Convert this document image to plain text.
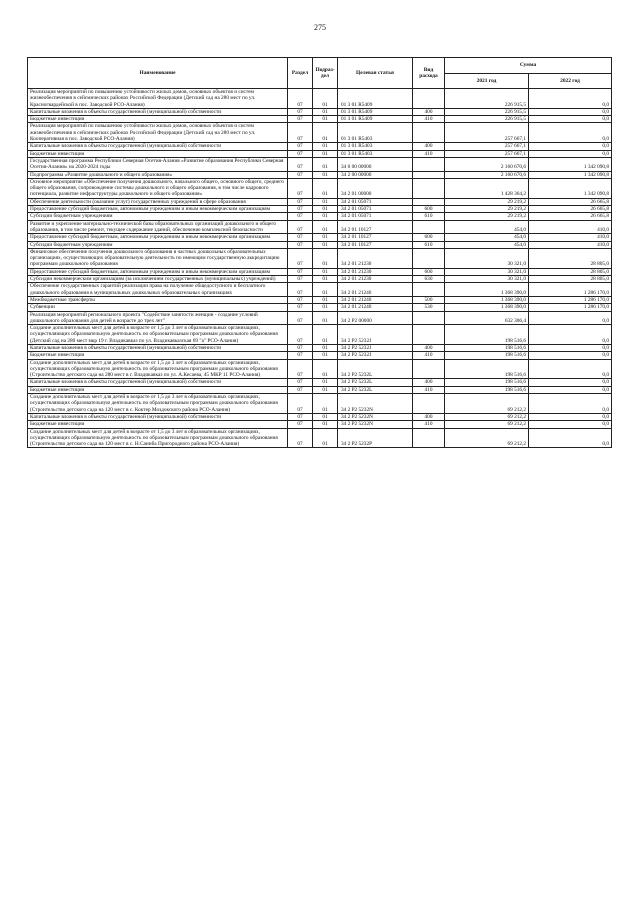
275
Наименование	Раздел	Подраз-
дел	Целевая статья	Вид
расхода	Сумма	
					2021 год	2022 год
Реализация мероприятий по повышению устойчивости жилых домов, основных объектов и систем жизнеобеспечения в сейсмических районах Российской Федерации (Детский сад на 280 мест по ул. Красногвардейской в пос. Заводской РСО-Алания)	07	01	01 3 01 R5409		226 915,5	0,0
Капитальные вложения в объекты государственной (муниципальной) собственности	07	01	01 3 01 R5409	400	226 915,5	0,0
Бюджетные инвестиции	07	01	01 3 01 R5409	410	226 915,5	0,0
Реализация мероприятий по повышению устойчивости жилых домов, основных объектов и систем жизнеобеспечения в сейсмических районах Российской Федерации (Детский сад на 280 мест по ул. Кооперативная в пос. Заводской РСО-Алания)	07	01	01 3 01 R5403		257 667,1	0,0
Капитальные вложения в объекты государственной (муниципальной) собственности	07	01	01 3 01 R5403	400	257 667,1	0,0
Бюджетные инвестиции	07	01	01 3 01 R5403	410	257 667,1	0,0
Государственная программа Республики Северная Осетия-Алания «Развитие образования Республики Северная Осетия-Алания» на 2020-2024 годы	07	01	34 0 00 00000		2 160 670,6	1 342 090,8
Подпрограмма «Развитие дошкольного и общего образования»	07	01	34 2 00 00000		2 160 670,6	1 342 090,8
Основное мероприятие «Обеспечение получения дошкольного, начального общего, основного общего, среднего общего образования, сопровождение системы дошкольного и общего образования, в том числе кадрового потенциала, развитие инфраструктуры дошкольного и общего образования»	07	01	34 2 01 00000		1 428 364,2	1 342 090,8
Обеспечение деятельности (оказание услуг) государственных учреждений в сфере образования	07	01	34 2 01 05071		29 219,2	26 665,8
Предоставление субсидий бюджетным, автономным учреждениям и иным некоммерческим организациям	07	01	34 2 01 05071	600	29 219,2	26 665,8
Субсидии бюджетным учреждениям	07	01	34 2 01 05071	610	29 219,2	26 665,8
Развитие и укрепление материально-технической базы образовательных организаций дошкольного и общего образования, в том числе ремонт, текущее содержание зданий, обеспечение комплексной безопасности	07	01	34 2 01 10127		454,0	410,0
Предоставление субсидий бюджетным, автономным учреждениям и иным некоммерческим организациям	07	01	34 2 01 10127	600	454,0	410,0
Субсидии бюджетным учреждениям	07	01	34 2 01 10127	610	454,0	410,0
Финансовое обеспечение получения дошкольного образования в частных дошкольных образовательных организациях, осуществляющих образовательную деятельность по имеющим государственную аккредитацию программам дошкольного образования	07	01	34 2 01 21230		30 321,0	28 805,0
Предоставление субсидий бюджетным, автономным учреждениям и иным некоммерческим организациям	07	01	34 2 01 21230	600	30 321,0	28 805,0
Субсидии некоммерческим организациям (за исключением государственных (муниципальных) учреждений)	07	01	34 2 01 21230	630	30 321,0	28 805,0
Обеспечение государственных гарантий реализации права на получение общедоступного и бесплатного дошкольного образования в муниципальных дошкольных образовательных организациях	07	01	34 2 01 21240		1 368 390,0	1 286 170,0
Межбюджетные трансферты	07	01	34 2 01 21240	500	1 368 390,0	1 286 170,0
Субвенции	07	01	34 2 01 21240	530	1 368 390,0	1 286 170,0
Реализация мероприятий регионального проекта "Содействие занятости женщин - создание условий дошкольного образования для детей в возрасте до трех лет"	07	01	34 2 P2 00000		632 306,4	0,0
Создание дополнительных мест для детей в возрасте от 1,5 до 3 лет в образовательных организациях, осуществляющих образовательную деятельность по образовательным программам дошкольного образования (Детский сад на 280 мест мкр 19 г. Владикавказ по ул. Владикавказская 69 "а" РСО-Алания)	07	01	34 2 P2 5232J		198 516,6	0,0
Капитальные вложения в объекты государственной (муниципальной) собственности	07	01	34 2 P2 5232J	400	198 516,6	0,0
Бюджетные инвестиции	07	01	34 2 P2 5232J	410	198 516,6	0,0
Создание дополнительных мест для детей в возрасте от 1,5 до 3 лет в образовательных организациях, осуществляющих образовательную деятельность по образовательным программам дошкольного образования (Строительство детского сада на 280 мест в г. Владикавказ по ул. А.Кесаева, 45 МКР 11 РСО-Алания)	07	01	34 2 P2 5232L		198 516,6	0,0
Капитальные вложения в объекты государственной (муниципальной) собственности	07	01	34 2 P2 5232L	400	198 516,6	0,0
Бюджетные инвестиции	07	01	34 2 P2 5232L	410	198 516,6	0,0
Создание дополнительных мест для детей в возрасте от 1,5 до 3 лет в образовательных организациях, осуществляющих образовательную деятельность по образовательным программам дошкольного образования (Строительство детского сада на 120 мест в с. Коктер Моздокского района РСО-Алания)	07	01	34 2 P2 5232N		69 212,2	0,0
Капитальные вложения в объекты государственной (муниципальной) собственности	07	01	34 2 P2 5232N	400	69 212,2	0,0
Бюджетные инвестиции	07	01	34 2 P2 5232N	410	69 212,2	0,0
Создание дополнительных мест для детей в возрасте от 1,5 до 3 лет в образовательных организациях, осуществляющих образовательную деятельность по образовательным программам дошкольного образования (Строительство детского сада на 120 мест в с. Н.Саниба Пригородного района РСО-Алания)	07	01	34 2 P2 5232P		69 212,2	0,0
